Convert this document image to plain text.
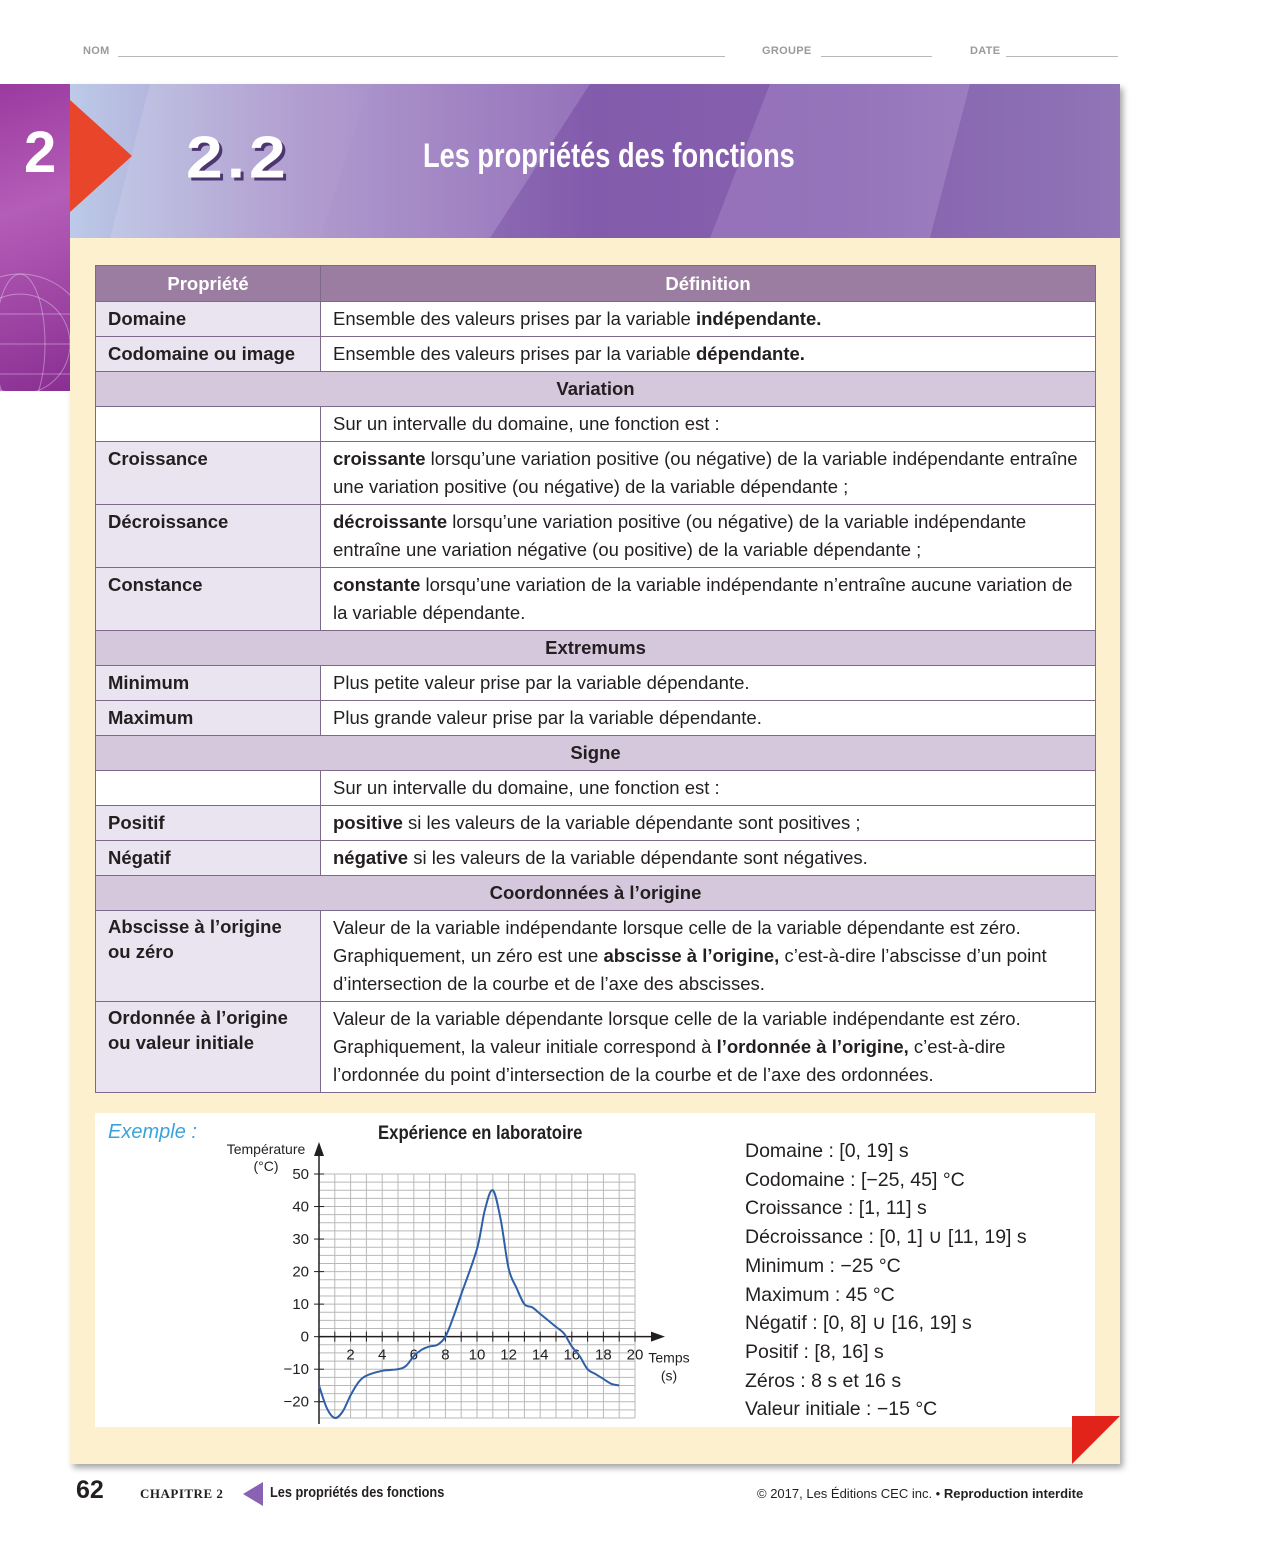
NOM	GROUPE	DATE
2 2.2	Les propriétés des fonctions
Propriété	Définition
Domaine	Ensemble des valeurs prises par la variable indépendante.
Codomaine ou image	Ensemble des valeurs prises par la variable dépendante.
Variation	
	Sur un intervalle du domaine, une fonction est :
Croissance	croissante lorsqu’une variation positive (ou négative) de la variable indépendante entraîne une variation positive (ou négative) de la variable dépendante ;
Décroissance	décroissante lorsqu’une variation positive (ou négative) de la variable indépendante entraîne une variation négative (ou positive) de la variable dépendante ;
Constance	constante lorsqu’une variation de la variable indépendante n’entraîne aucune variation de la variable dépendante.
Extremums	
Minimum	Plus petite valeur prise par la variable dépendante.
Maximum	Plus grande valeur prise par la variable dépendante.
Signe	
	Sur un intervalle du domaine, une fonction est :
Positif	positive si les valeurs de la variable dépendante sont positives ;
Négatif	négative si les valeurs de la variable dépendante sont négatives.
Coordonnées à l’origine	
Abscisse à l’origine ou zéro	Valeur de la variable indépendante lorsque celle de la variable dépendante est zéro. Graphiquement, un zéro est une abscisse à l’origine, c’est-à-dire l’abscisse d’un point d’intersection de la courbe et de l’axe des abscisses.
Ordonnée à l’origine ou valeur initiale	Valeur de la variable dépendante lorsque celle de la variable indépendante est zéro. Graphiquement, la valeur initiale correspond à l’ordonnée à l’origine, c’est-à-dire l’ordonnée du point d’intersection de la courbe et de l’axe des ordonnées.
Exemple :	Expérience en laboratoire
2 4 6 8 10 12 14 16 18 20
50
40
30
20
10
0
−10
−20
Température
(°C)
Temps
(s)
Domaine : [0, 19] s
Codomaine : [−25, 45] °C
Croissance : [1, 11] s
Décroissance : [0, 1] ∪ [11, 19] s
Minimum : −25 °C
Maximum : 45 °C
Négatif : [0, 8] ∪ [16, 19] s
Positif : [8, 16] s
Zéros : 8 s et 16 s
Valeur initiale : −15 °C
62	CHAPITRE 2	Les propriétés des fonctions	© 2017, Les Éditions CEC inc. • Reproduction interdite
